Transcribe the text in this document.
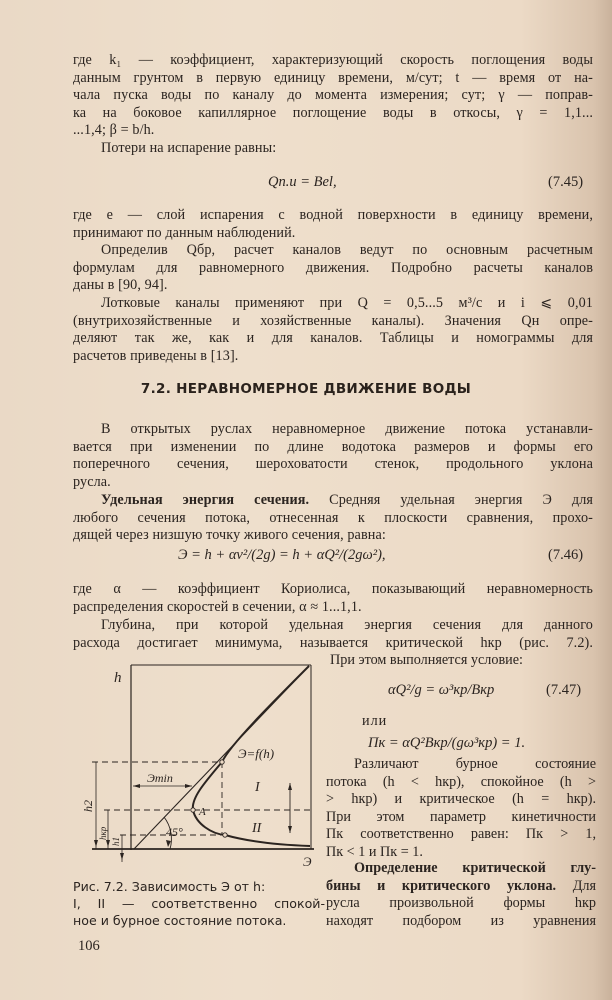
где k₁ — коэффициент, характеризующий скорость поглощения воды
данным грунтом в первую единицу времени, м/сут; t — время от на-
чала пуска воды по каналу до момента измерения; сут; γ — поправ-
ка на боковое капиллярное поглощение воды в откосы, γ = 1,1...
...1,4; β = b/h.
Потери на испарение равны:
Qп.и = Bel,	(7.45)
где e — слой испарения с водной поверхности в единицу времени,
принимают по данным наблюдений.
Определив Qбр, расчет каналов ведут по основным расчетным
формулам для равномерного движения. Подробно расчеты каналов
даны в [90, 94].
Лотковые каналы применяют при Q = 0,5...5 м³/с и i ⩽ 0,01
(внутрихозяйственные и хозяйственные каналы). Значения Qн опре-
деляют так же, как и для каналов. Таблицы и номограммы для
расчетов приведены в [13].
7.2. НЕРАВНОМЕРНОЕ ДВИЖЕНИЕ ВОДЫ
В открытых руслах неравномерное движение потока устанавли-
вается при изменении по длине водотока размеров и формы его
поперечного сечения, шероховатости стенок, продольного уклона
русла.
Удельная энергия сечения. Средняя удельная энергия Э для
любого сечения потока, отнесенная к плоскости сравнения, прохо-
дящей через низшую точку живого сечения, равна:
Э = h + αv²/(2g) = h + αQ²/(2gω²),	(7.46)
где α — коэффициент Кориолиса, показывающий неравномерность
распределения скоростей в сечении, α ≈ 1...1,1.
Глубина, при которой удельная энергия сечения для данного
расхода достигает минимума, называется критической hкр (рис. 7.2).
При этом выполняется условие:
αQ²/g = ω³кр/Bкр	(7.47)
или
Пк = αQ²Bкр/(gω³кр) = 1.
Различают бурное состояние
потока (h < hкр), спокойное (h >
> hкр) и критическое (h = hкр).
При этом параметр кинетичности
Пк соответственно равен: Пк > 1,
Пк < 1 и Пк = 1.
Определение критической глу-
бины и критического уклона. Для
русла произвольной формы hкр
находят подбором из уравнения
h
Э
Э=f(h)
Эmin
A
I
II
45°
h2
hкр
h1
Рис. 7.2. Зависимость Э от h:
I, II — соответственно спокой-
ное и бурное состояние потока.
106
